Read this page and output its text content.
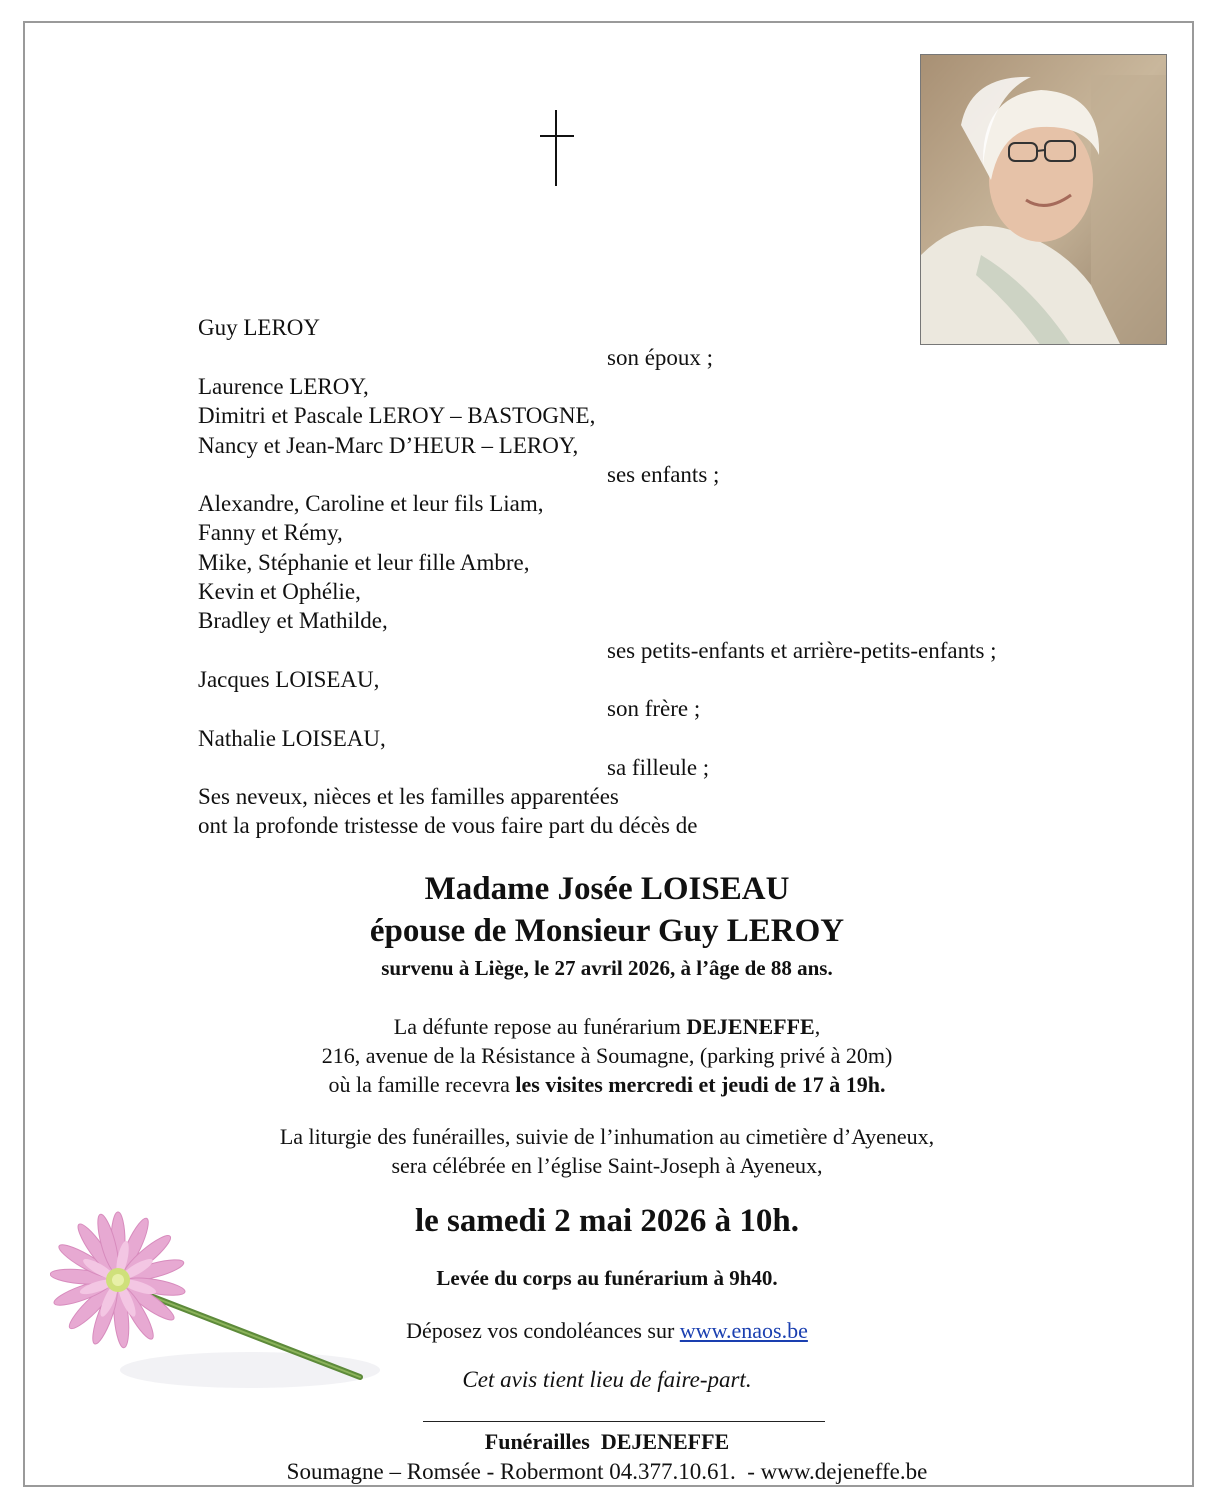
Guy LEROY
son époux ;
Laurence LEROY,
Dimitri et Pascale LEROY – BASTOGNE,
Nancy et Jean-Marc D’HEUR – LEROY,
ses enfants ;
Alexandre, Caroline et leur fils Liam,
Fanny et Rémy,
Mike, Stéphanie et leur fille Ambre,
Kevin et Ophélie,
Bradley et Mathilde,
ses petits-enfants et arrière-petits-enfants ;
Jacques LOISEAU,
son frère ;
Nathalie LOISEAU,
sa filleule ;
Ses neveux, nièces et les familles apparentées
ont la profonde tristesse de vous faire part du décès de
Madame Josée LOISEAU
épouse de Monsieur Guy LEROY
survenu à Liège, le 27 avril 2026, à l’âge de 88 ans.
La défunte repose au funérarium DEJENEFFE,
216, avenue de la Résistance à Soumagne, (parking privé à 20m)
où la famille recevra les visites mercredi et jeudi de 17 à 19h.
La liturgie des funérailles, suivie de l’inhumation au cimetière d’Ayeneux,
sera célébrée en l’église Saint-Joseph à Ayeneux,
le samedi 2 mai 2026 à 10h.
Levée du corps au funérarium à 9h40.
Déposez vos condoléances sur www.enaos.be
Cet avis tient lieu de faire-part.
Funérailles  DEJENEFFE
Soumagne – Romsée - Robermont 04.377.10.61.  - www.dejeneffe.be
